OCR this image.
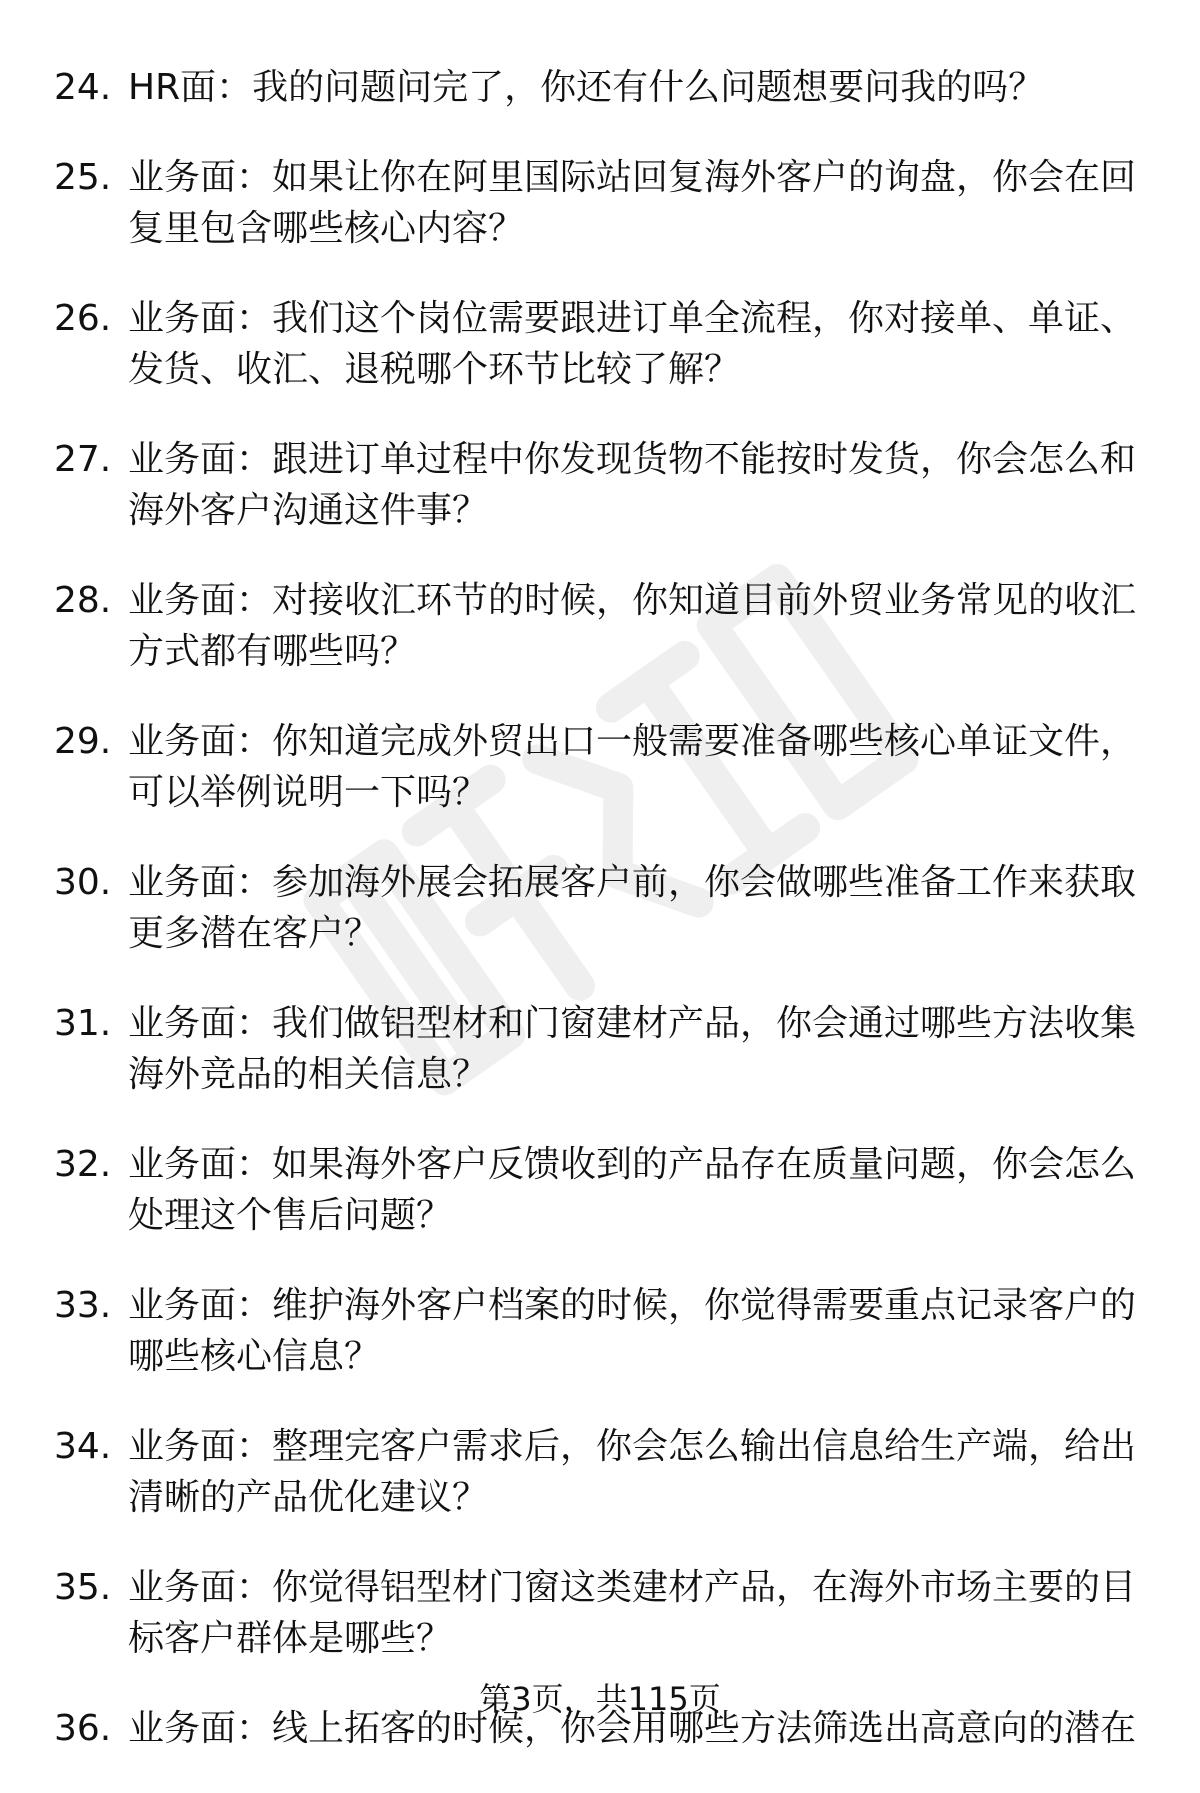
24. HR面：我的问题问完了，你还有什么问题想要问我的吗？
25. 业务面：如果让你在阿里国际站回复海外客户的询盘，你会在回复里包含哪些核心内容？
26. 业务面：我们这个岗位需要跟进订单全流程，你对接单、单证、发货、收汇、退税哪个环节比较了解？
27. 业务面：跟进订单过程中你发现货物不能按时发货，你会怎么和海外客户沟通这件事？
28. 业务面：对接收汇环节的时候，你知道目前外贸业务常见的收汇方式都有哪些吗？
29. 业务面：你知道完成外贸出口一般需要准备哪些核心单证文件，可以举例说明一下吗？
30. 业务面：参加海外展会拓展客户前，你会做哪些准备工作来获取更多潜在客户？
31. 业务面：我们做铝型材和门窗建材产品，你会通过哪些方法收集海外竞品的相关信息？
32. 业务面：如果海外客户反馈收到的产品存在质量问题，你会怎么处理这个售后问题？
33. 业务面：维护海外客户档案的时候，你觉得需要重点记录客户的哪些核心信息？
34. 业务面：整理完客户需求后，你会怎么输出信息给生产端，给出清晰的产品优化建议？
35. 业务面：你觉得铝型材门窗这类建材产品，在海外市场主要的目标客户群体是哪些？
36. 业务面：线上拓客的时候，你会用哪些方法筛选出高意向的潜在
第3页，共115页
